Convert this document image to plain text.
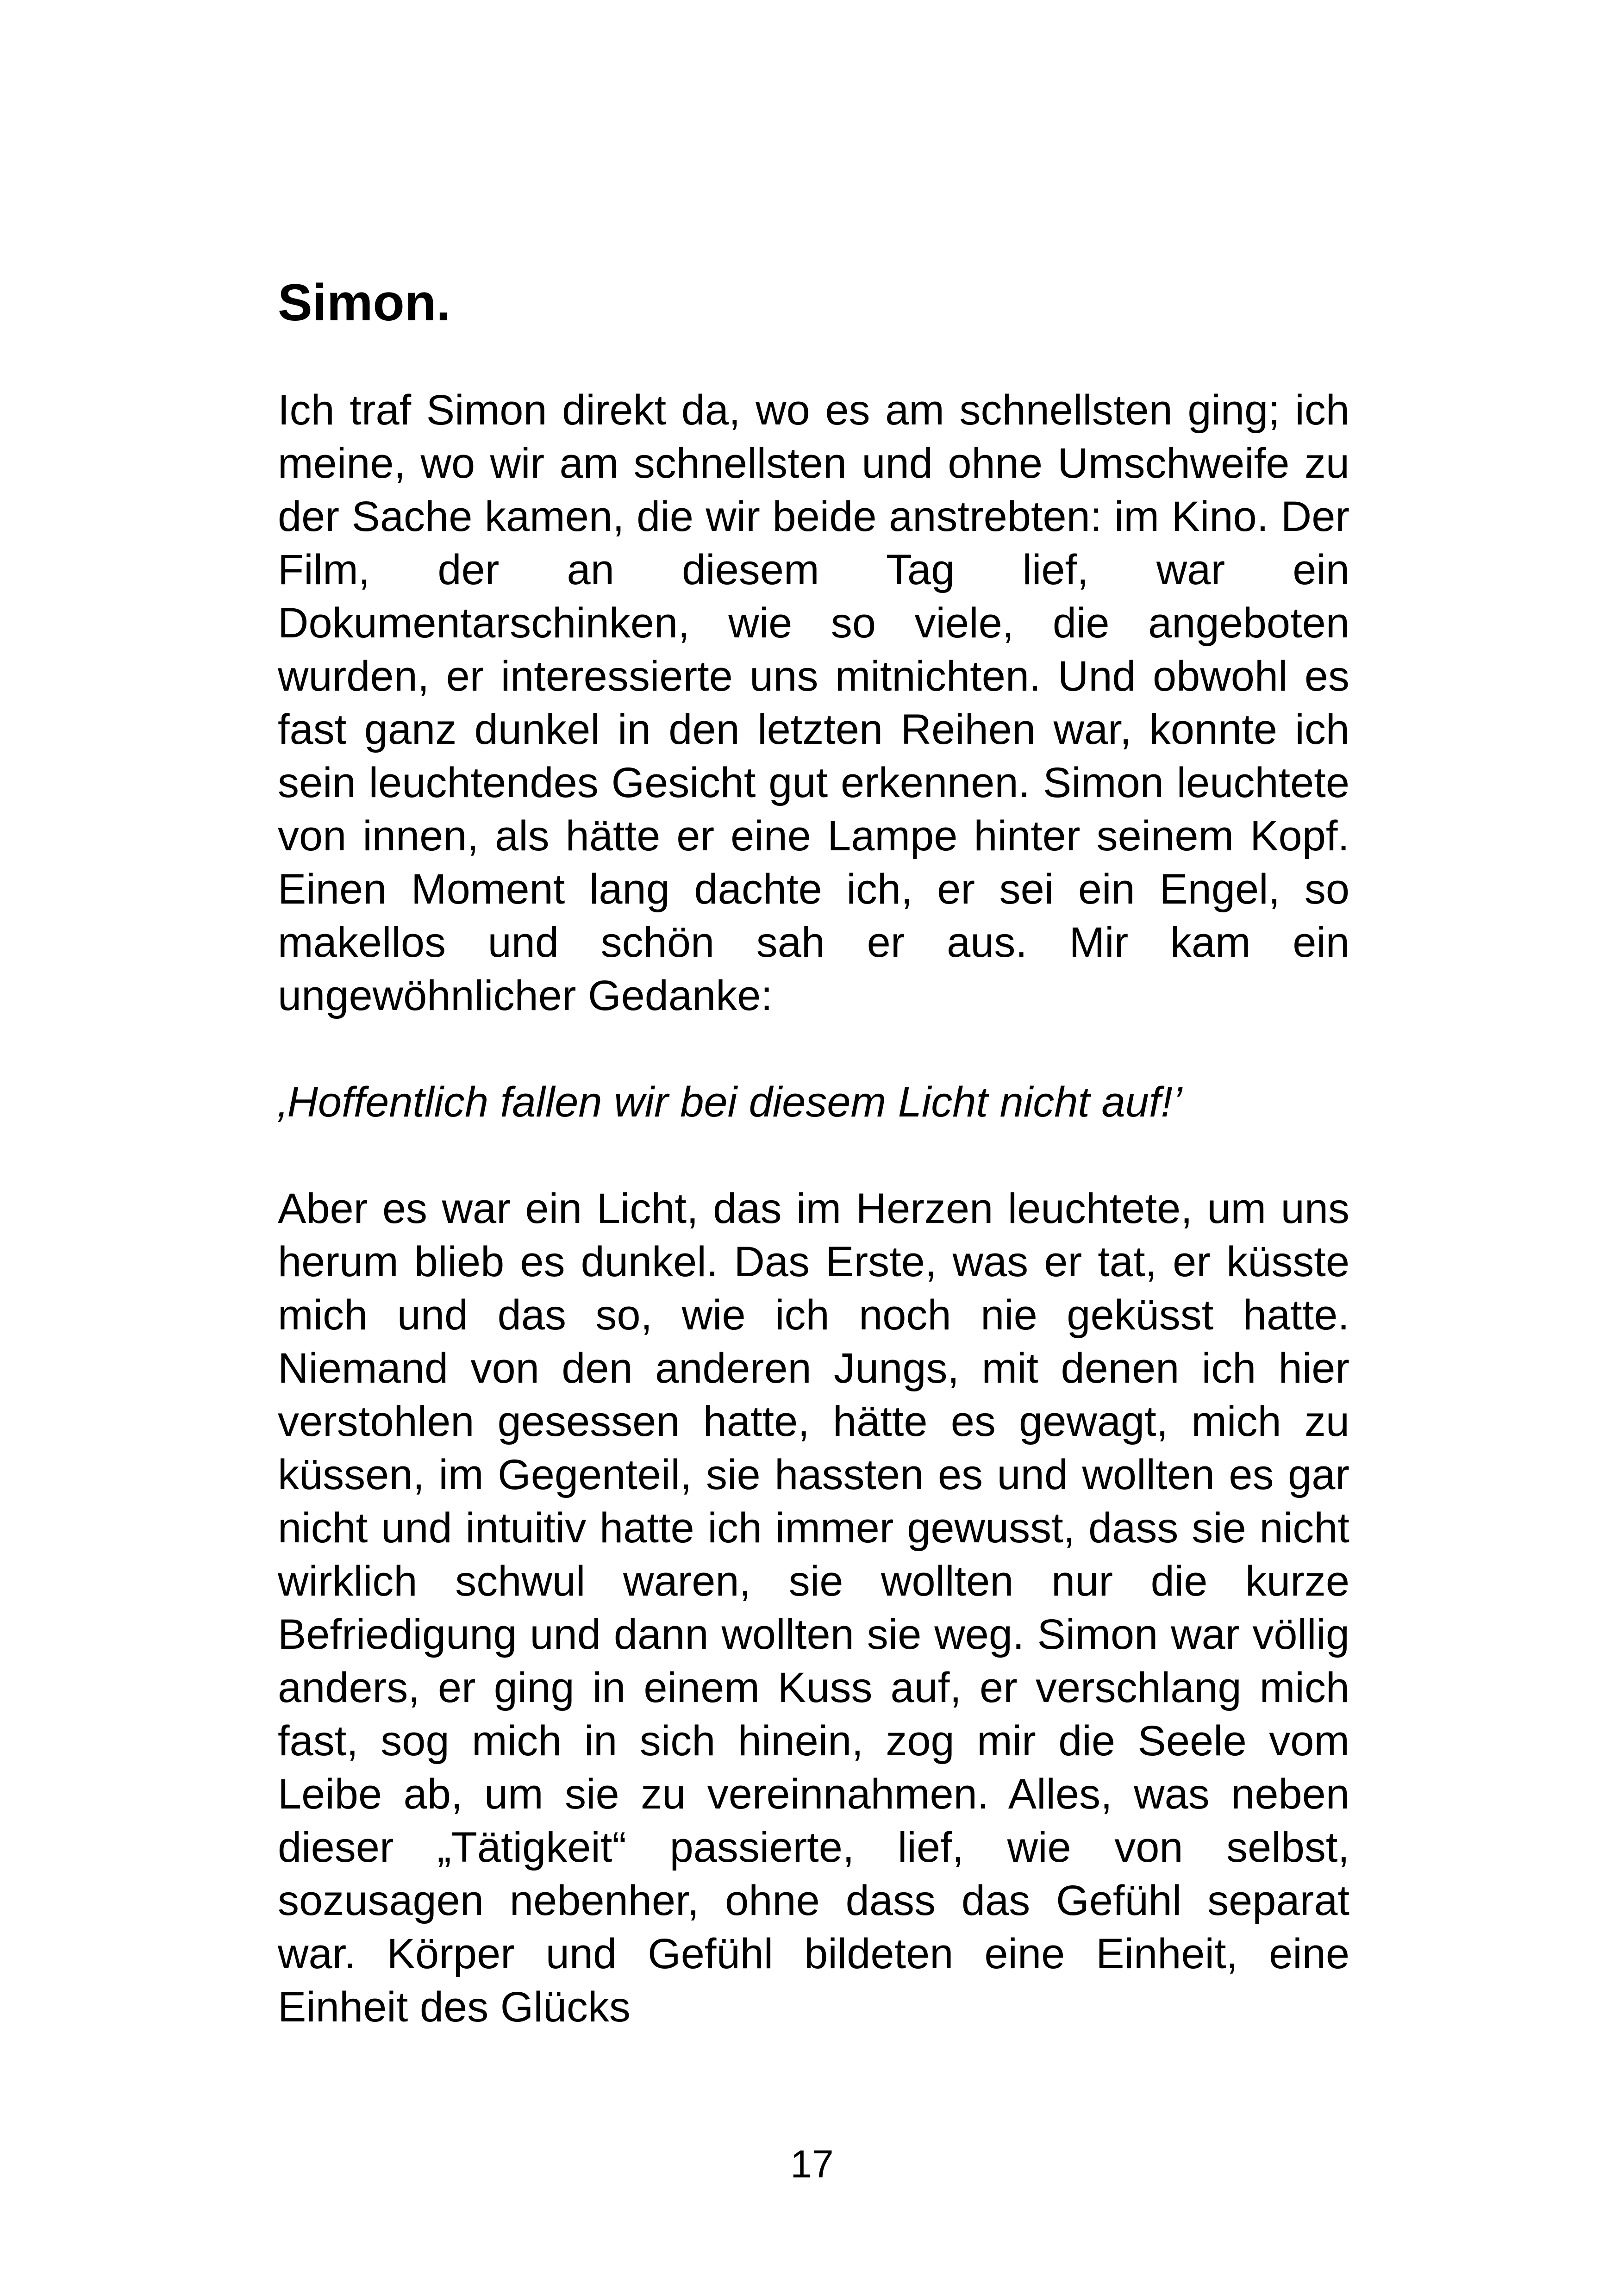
Simon.

Ich traf Simon direkt da, wo es am schnellsten ging; ich meine, wo wir am schnellsten und ohne Umschweife zu der Sache kamen, die wir beide anstrebten: im Kino. Der Film, der an diesem Tag lief, war ein Dokumentarschinken, wie so viele, die angeboten wurden, er interessierte uns mitnichten. Und obwohl es fast ganz dunkel in den letzten Reihen war, konnte ich sein leuchtendes Gesicht gut erkennen. Simon leuchtete von innen, als hätte er eine Lampe hinter seinem Kopf. Einen Moment lang dachte ich, er sei ein Engel, so makellos und schön sah er aus. Mir kam ein ungewöhnlicher Gedanke:

‚Hoffentlich fallen wir bei diesem Licht nicht auf!’

Aber es war ein Licht, das im Herzen leuchtete, um uns herum blieb es dunkel. Das Erste, was er tat, er küsste mich und das so, wie ich noch nie geküsst hatte. Niemand von den anderen Jungs, mit denen ich hier verstohlen gesessen hatte, hätte es gewagt, mich zu küssen, im Gegenteil, sie hassten es und wollten es gar nicht und intuitiv hatte ich immer gewusst, dass sie nicht wirklich schwul waren, sie wollten nur die kurze Befriedigung und dann wollten sie weg. Simon war völlig anders, er ging in einem Kuss auf, er verschlang mich fast, sog mich in sich hinein, zog mir die Seele vom Leibe ab, um sie zu vereinnahmen. Alles, was neben dieser „Tätigkeit“ passierte, lief, wie von selbst, sozusagen nebenher, ohne dass das Gefühl separat war. Körper und Gefühl bildeten eine Einheit, eine Einheit des Glücks

17
